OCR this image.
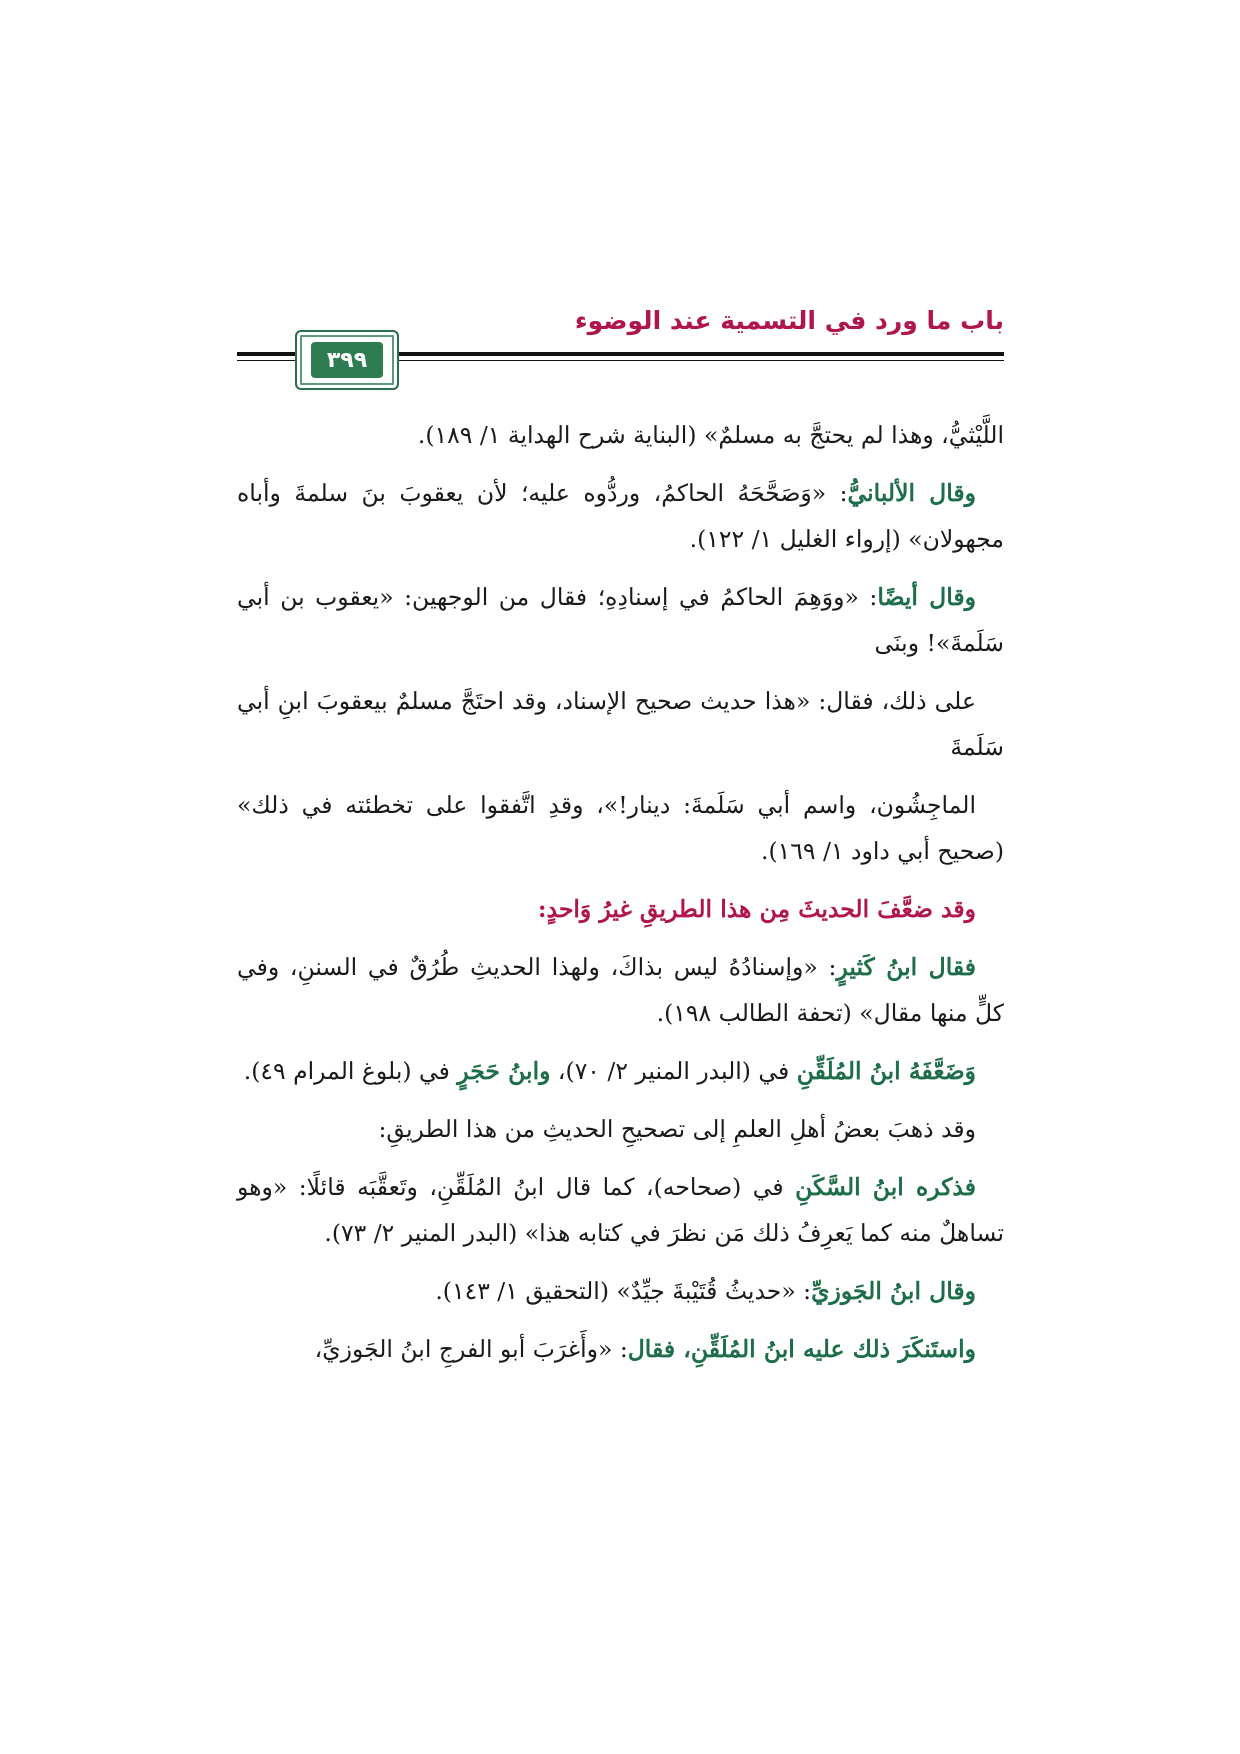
باب ما ورد في التسمية عند الوضوء
٣٩٩

اللَّيْثيُّ، وهذا لم يحتجَّ به مسلمٌ» (البناية شرح الهداية ١/ ١٨٩).

وقال الألبانيُّ: «وَصَحَّحَهُ الحاكمُ، وردُّوه عليه؛ لأن يعقوبَ بنَ سلمةَ وأباه مجهولان» (إرواء الغليل ١/ ١٢٢).

وقال أيضًا: «ووَهِمَ الحاكمُ في إسنادِهِ؛ فقال من الوجهين: «يعقوب بن أبي سَلَمةَ»! وبنَى

على ذلك، فقال: «هذا حديث صحيح الإسناد، وقد احتَجَّ مسلمٌ بيعقوبَ ابنِ أبي سَلَمةَ

الماجِشُون، واسم أبي سَلَمةَ: دينار!»، وقدِ اتَّفقوا على تخطئته في ذلك» (صحيح أبي داود ١/ ١٦٩).

وقد ضعَّفَ الحديثَ مِن هذا الطريقِ غيرُ وَاحدٍ:

فقال ابنُ كَثيرٍ: «وإسنادُهُ ليس بذاكَ، ولهذا الحديثِ طُرُقٌ في السننِ، وفي كلٍّ منها مقال» (تحفة الطالب ١٩٨).

وَضَعَّفَهُ ابنُ المُلَقِّنِ في (البدر المنير ٢/ ٧٠)، وابنُ حَجَرٍ في (بلوغ المرام ٤٩).

وقد ذهبَ بعضُ أهلِ العلمِ إلى تصحيحِ الحديثِ من هذا الطريقِ:

فذكره ابنُ السَّكَنِ في (صحاحه)، كما قال ابنُ المُلَقِّنِ، وتَعقَّبَه قائلًا: «وهو تساهلٌ منه كما يَعرِفُ ذلك مَن نظرَ في كتابه هذا» (البدر المنير ٢/ ٧٣).

وقال ابنُ الجَوزيِّ: «حديثُ قُتَيْبةَ جيِّدٌ» (التحقيق ١/ ١٤٣).

واستَنكَرَ ذلك عليه ابنُ المُلَقِّنِ، فقال: «وأَغرَبَ أبو الفرجِ ابنُ الجَوزيِّ،
